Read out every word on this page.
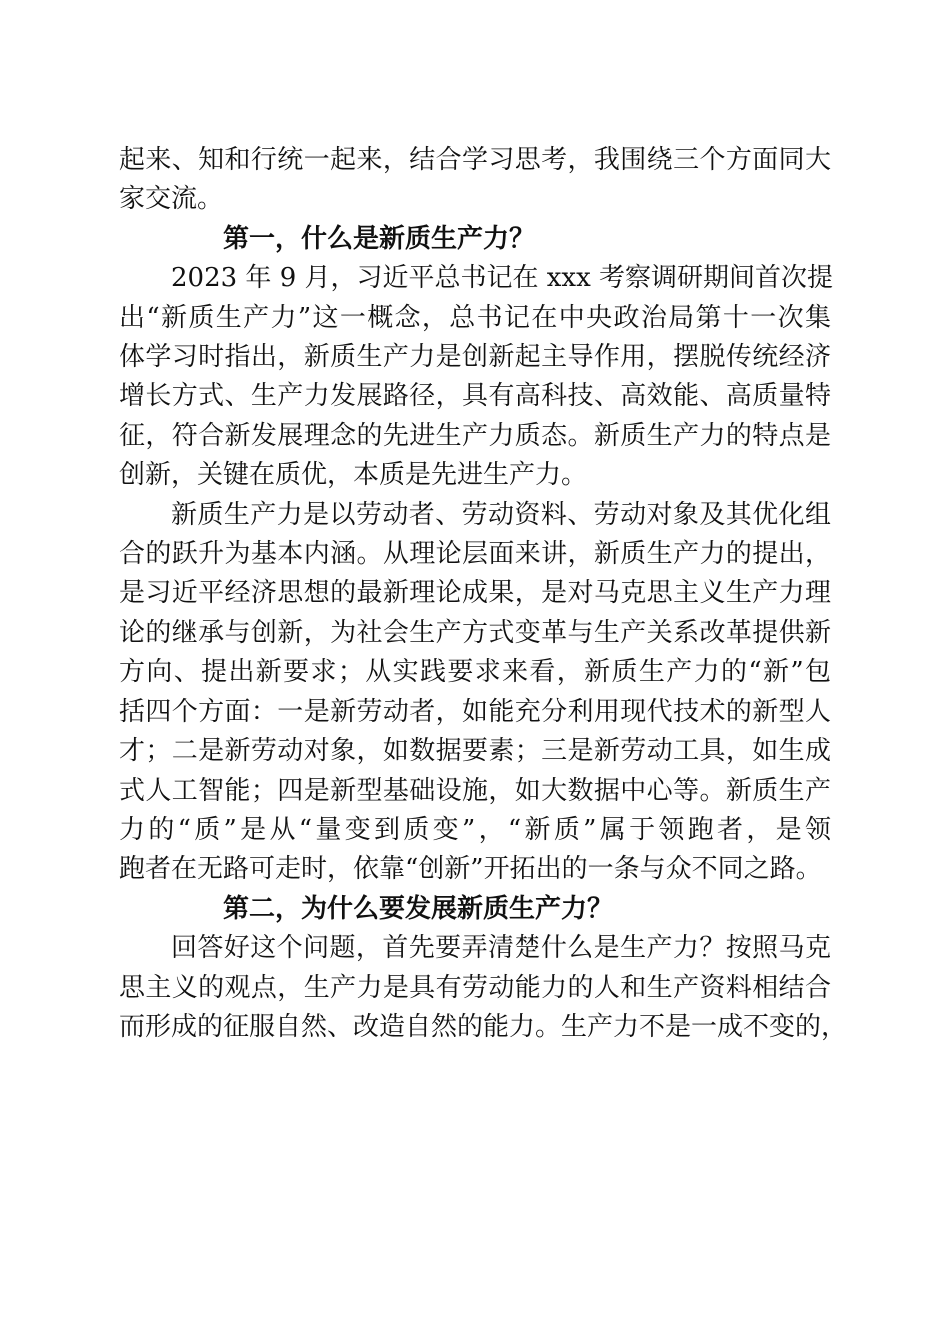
起来、知和行统一起来，结合学习思考，我围绕三个方面同大
家交流。
第一，什么是新质生产力？
2023 年 9 月，习近平总书记在 xxx 考察调研期间首次提
出“新质生产力”这一概念，总书记在中央政治局第十一次集
体学习时指出，新质生产力是创新起主导作用，摆脱传统经济
增长方式、生产力发展路径，具有高科技、高效能、高质量特
征，符合新发展理念的先进生产力质态。新质生产力的特点是
创新，关键在质优，本质是先进生产力。
新质生产力是以劳动者、劳动资料、劳动对象及其优化组
合的跃升为基本内涵。从理论层面来讲，新质生产力的提出，
是习近平经济思想的最新理论成果，是对马克思主义生产力理
论的继承与创新，为社会生产方式变革与生产关系改革提供新
方向、提出新要求；从实践要求来看，新质生产力的“新”包
括四个方面：一是新劳动者，如能充分利用现代技术的新型人
才；二是新劳动对象，如数据要素；三是新劳动工具，如生成
式人工智能；四是新型基础设施，如大数据中心等。新质生产
力的“质”是从“量变到质变”，“新质”属于领跑者，是领
跑者在无路可走时，依靠“创新”开拓出的一条与众不同之路。
第二，为什么要发展新质生产力？
回答好这个问题，首先要弄清楚什么是生产力？按照马克
思主义的观点，生产力是具有劳动能力的人和生产资料相结合
而形成的征服自然、改造自然的能力。生产力不是一成不变的，
